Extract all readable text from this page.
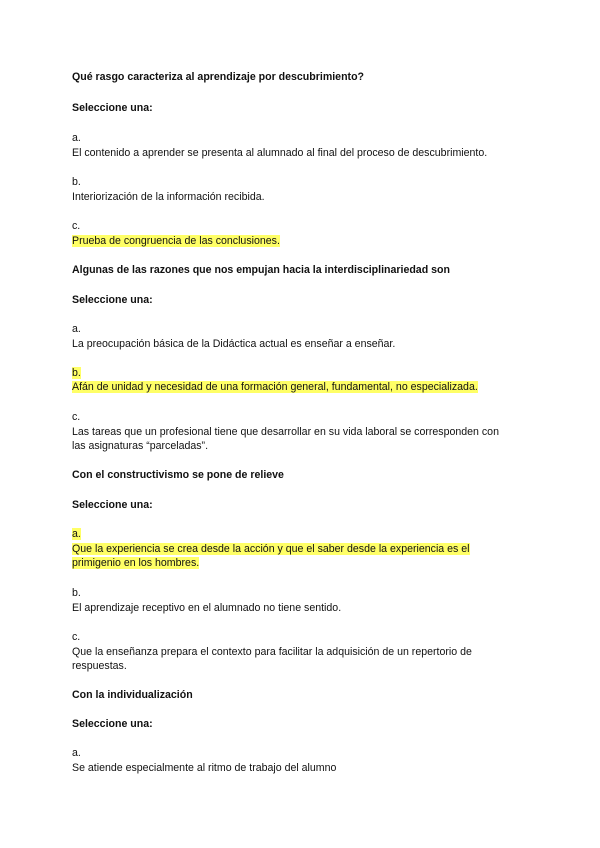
Qué rasgo caracteriza al aprendizaje por descubrimiento?
Seleccione una:
a.
El contenido a aprender se presenta al alumnado al final del proceso de descubrimiento.
b.
Interiorización de la información recibida.
c.
Prueba de congruencia de las conclusiones.
Algunas de las razones que nos empujan hacia la interdisciplinariedad son
Seleccione una:
a.
La preocupación básica de la Didáctica actual es enseñar a enseñar.
b.
Afán de unidad y necesidad de una formación general, fundamental, no especializada.
c.
Las tareas que un profesional tiene que desarrollar en su vida laboral se corresponden con
las asignaturas “parceladas”.
Con el constructivismo se pone de relieve
Seleccione una:
a.
Que la experiencia se crea desde la acción y que el saber desde la experiencia es el
primigenio en los hombres.
b.
El aprendizaje receptivo en el alumnado no tiene sentido.
c.
Que la enseñanza prepara el contexto para facilitar la adquisición de un repertorio de
respuestas.
Con la individualización
Seleccione una:
a.
Se atiende especialmente al ritmo de trabajo del alumno
